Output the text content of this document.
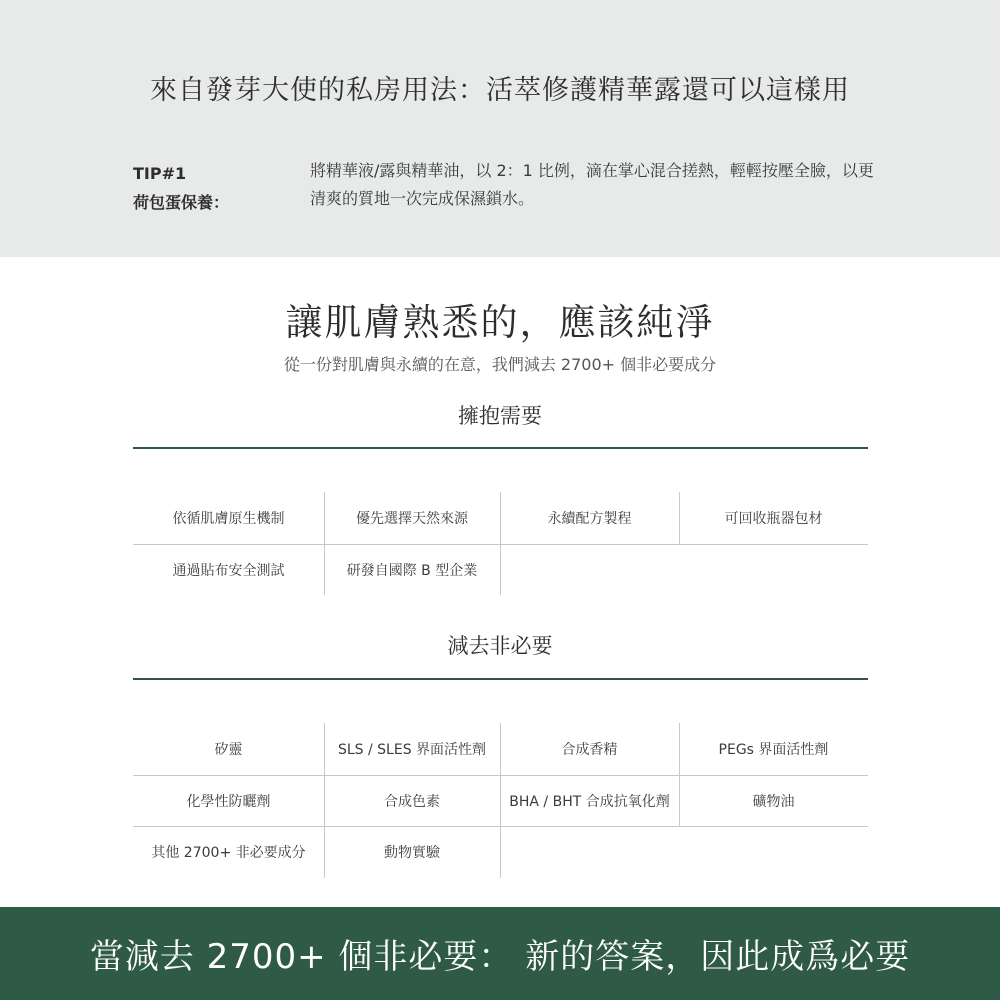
來自發芽大使的私房用法：活萃修護精華露還可以這樣用
TIP#1
荷包蛋保養：
將精華液/露與精華油，以 2：1 比例，滴在掌心混合搓熱，輕輕按壓全臉，以更清爽的質地一次完成保濕鎖水。
讓肌膚熟悉的，應該純淨
從一份對肌膚與永續的在意，我們減去 2700+ 個非必要成分
擁抱需要
依循肌膚原生機制	優先選擇天然來源	永續配方製程	可回收瓶器包材
通過貼布安全測試	研發自國際 B 型企業
減去非必要
矽靈	SLS / SLES 界面活性劑	合成香精	PEGs 界面活性劑
化學性防曬劑	合成色素	BHA / BHT 合成抗氧化劑	礦物油
其他 2700+ 非必要成分	動物實驗
當減去 2700+ 個非必要： 新的答案，因此成爲必要
